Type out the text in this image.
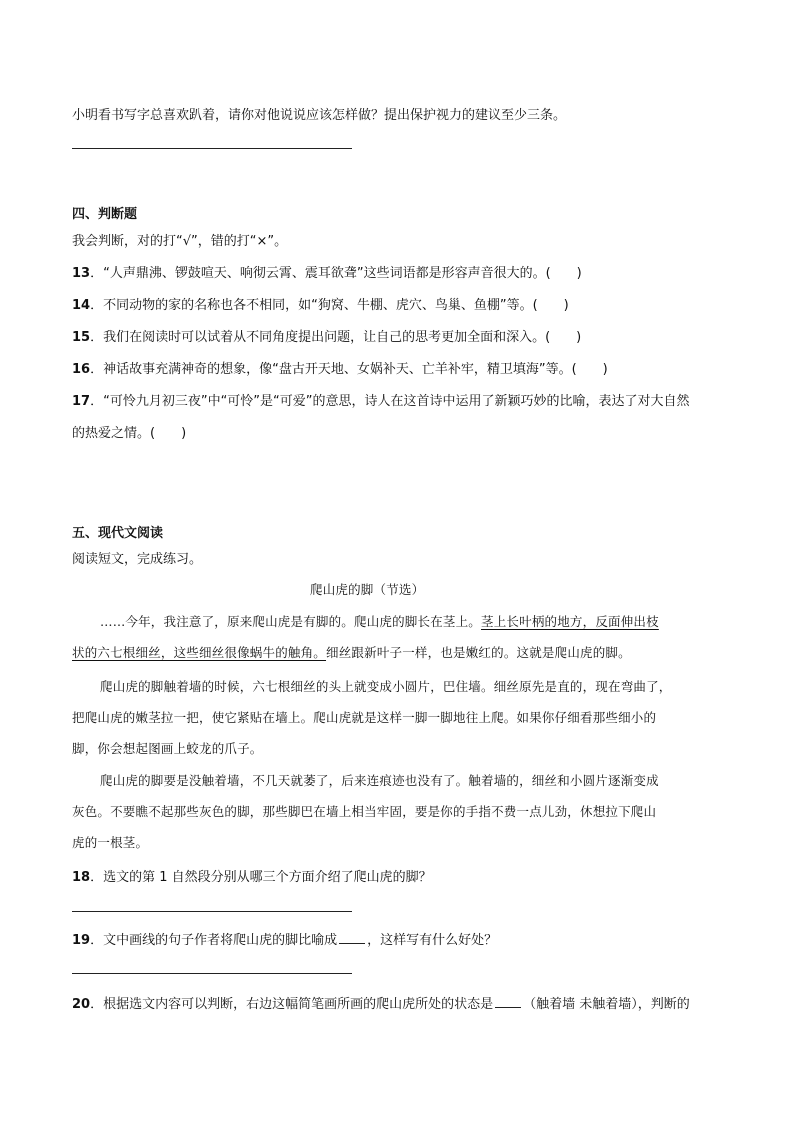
小明看书写字总喜欢趴着，请你对他说说应该怎样做？提出保护视力的建议至少三条。
四、判断题
我会判断，对的打“√”，错的打“×”。
13．“人声鼎沸、锣鼓喧天、响彻云霄、震耳欲聋”这些词语都是形容声音很大的。(　　)
14．不同动物的家的名称也各不相同，如“狗窝、牛棚、虎穴、鸟巢、鱼棚”等。(　　)
15．我们在阅读时可以试着从不同角度提出问题，让自己的思考更加全面和深入。(　　)
16．神话故事充满神奇的想象，像“盘古开天地、女娲补天、亡羊补牢，精卫填海”等。(　　)
17．“可怜九月初三夜”中“可怜”是“可爱”的意思，诗人在这首诗中运用了新颖巧妙的比喻，表达了对大自然
的热爱之情。(　　)
五、现代文阅读
阅读短文，完成练习。
爬山虎的脚（节选）
……今年，我注意了，原来爬山虎是有脚的。爬山虎的脚长在茎上。茎上长叶柄的地方，反面伸出枝
状的六七根细丝，这些细丝很像蜗牛的触角。细丝跟新叶子一样，也是嫩红的。这就是爬山虎的脚。
爬山虎的脚触着墙的时候，六七根细丝的头上就变成小圆片，巴住墙。细丝原先是直的，现在弯曲了，
把爬山虎的嫩茎拉一把，使它紧贴在墙上。爬山虎就是这样一脚一脚地往上爬。如果你仔细看那些细小的
脚，你会想起图画上蛟龙的爪子。
爬山虎的脚要是没触着墙，不几天就萎了，后来连痕迹也没有了。触着墙的，细丝和小圆片逐渐变成
灰色。不要瞧不起那些灰色的脚，那些脚巴在墙上相当牢固，要是你的手指不费一点儿劲，休想拉下爬山
虎的一根茎。
18．选文的第 1 自然段分别从哪三个方面介绍了爬山虎的脚？
19．文中画线的句子作者将爬山虎的脚比喻成 ，这样写有什么好处？
20．根据选文内容可以判断，右边这幅简笔画所画的爬山虎所处的状态是 （触着墙 未触着墙），判断的
